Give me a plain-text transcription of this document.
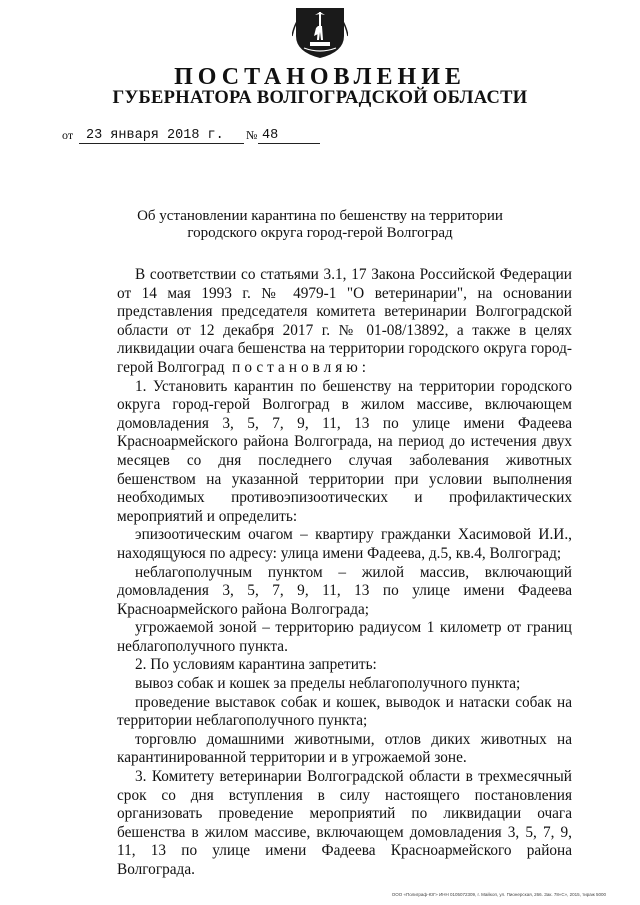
ПОСТАНОВЛЕНИЕ
ГУБЕРНАТОРА ВОЛГОГРАДСКОЙ ОБЛАСТИ
от 23 января 2018 г. № 48
Об установлении карантина по бешенству на территории
городского округа город-герой Волгоград

В соответствии со статьями 3.1, 17 Закона Российской Федерации от 14 мая 1993 г. № 4979-1 "О ветеринарии", на основании представления председателя комитета ветеринарии Волгоградской области от 12 декабря 2017 г. № 01-08/13892, а также в целях ликвидации очага бешенства на территории городского округа город-герой Волгоград постановляю:

1. Установить карантин по бешенству на территории городского округа город-герой Волгоград в жилом массиве, включающем домовладения 3, 5, 7, 9, 11, 13 по улице имени Фадеева Красноармейского района Волгограда, на период до истечения двух месяцев со дня последнего случая заболевания животных бешенством на указанной территории при условии выполнения необходимых противоэпизоотических и профилактических мероприятий и определить:

эпизоотическим очагом – квартиру гражданки Хасимовой И.И., находящуюся по адресу: улица имени Фадеева, д.5, кв.4, Волгоград;

неблагополучным пунктом – жилой массив, включающий домовладения 3, 5, 7, 9, 11, 13 по улице имени Фадеева Красноармейского района Волгограда;

угрожаемой зоной – территорию радиусом 1 километр от границ неблагополучного пункта.

2. По условиям карантина запретить:

вывоз собак и кошек за пределы неблагополучного пункта;

проведение выставок собак и кошек, выводок и натаски собак на территории неблагополучного пункта;

торговлю домашними животными, отлов диких животных на карантинированной территории и в угрожаемой зоне.

3. Комитету ветеринарии Волгоградской области в трехмесячный срок со дня вступления в силу настоящего постановления организовать проведение мероприятий по ликвидации очага бешенства в жилом массиве, включающем домовладения 3, 5, 7, 9, 11, 13 по улице имени Фадеева Красноармейского района Волгограда.

ООО «Полиграф-ЮГ» ИНН 0105072309, г. Майкоп, ул. Пионерская, 266. Зак. 78«С», 2015, тираж 5000
